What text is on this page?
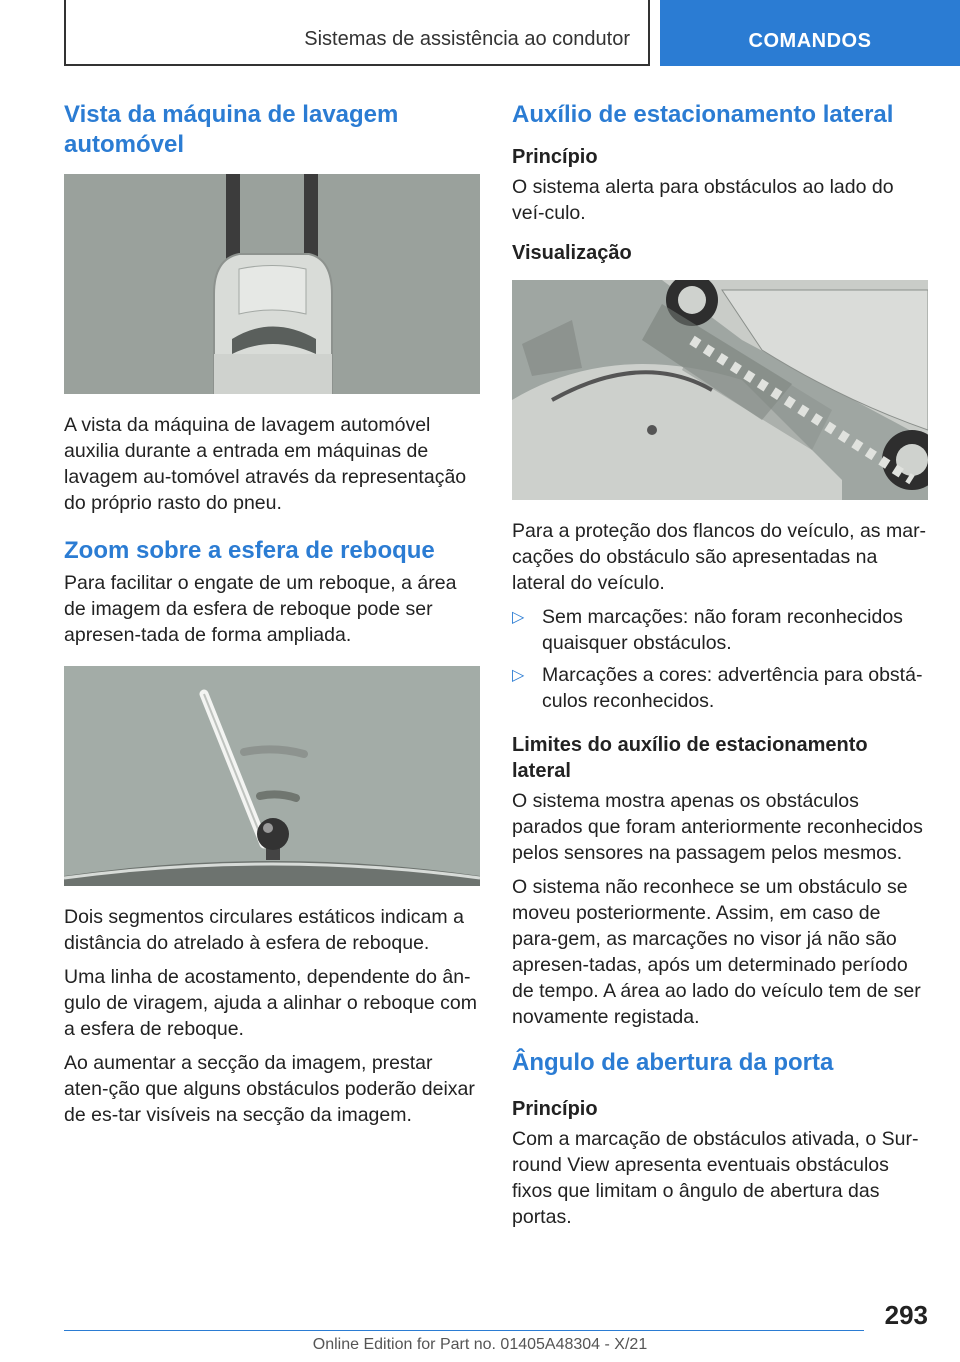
Sistemas de assistência ao condutor	COMANDOS
Vista da máquina de lavagem automóvel

A vista da máquina de lavagem automóvel auxilia durante a entrada em máquinas de lavagem au-tomóvel através da representação do próprio rasto do pneu.

Zoom sobre a esfera de reboque

Para facilitar o engate de um reboque, a área de imagem da esfera de reboque pode ser apresen-tada de forma ampliada.

Dois segmentos circulares estáticos indicam a distância do atrelado à esfera de reboque.

Uma linha de acostamento, dependente do ân-gulo de viragem, ajuda a alinhar o reboque com a esfera de reboque.

Ao aumentar a secção da imagem, prestar aten-ção que alguns obstáculos poderão deixar de es-tar visíveis na secção da imagem.

Auxílio de estacionamento lateral
Princípio

O sistema alerta para obstáculos ao lado do veí-culo.

Visualização

Para a proteção dos flancos do veículo, as mar-cações do obstáculo são apresentadas na lateral do veículo.

▷ Sem marcações: não foram reconhecidos quaisquer obstáculos.
▷ Marcações a cores: advertência para obstá-culos reconhecidos.
Limites do auxílio de estacionamento lateral

O sistema mostra apenas os obstáculos parados que foram anteriormente reconhecidos pelos sensores na passagem pelos mesmos.

O sistema não reconhece se um obstáculo se moveu posteriormente. Assim, em caso de para-gem, as marcações no visor já não são apresen-tadas, após um determinado período de tempo. A área ao lado do veículo tem de ser novamente registada.

Ângulo de abertura da porta
Princípio

Com a marcação de obstáculos ativada, o Sur-round View apresenta eventuais obstáculos fixos que limitam o ângulo de abertura das portas.

293
Online Edition for Part no. 01405A48304 - X/21
